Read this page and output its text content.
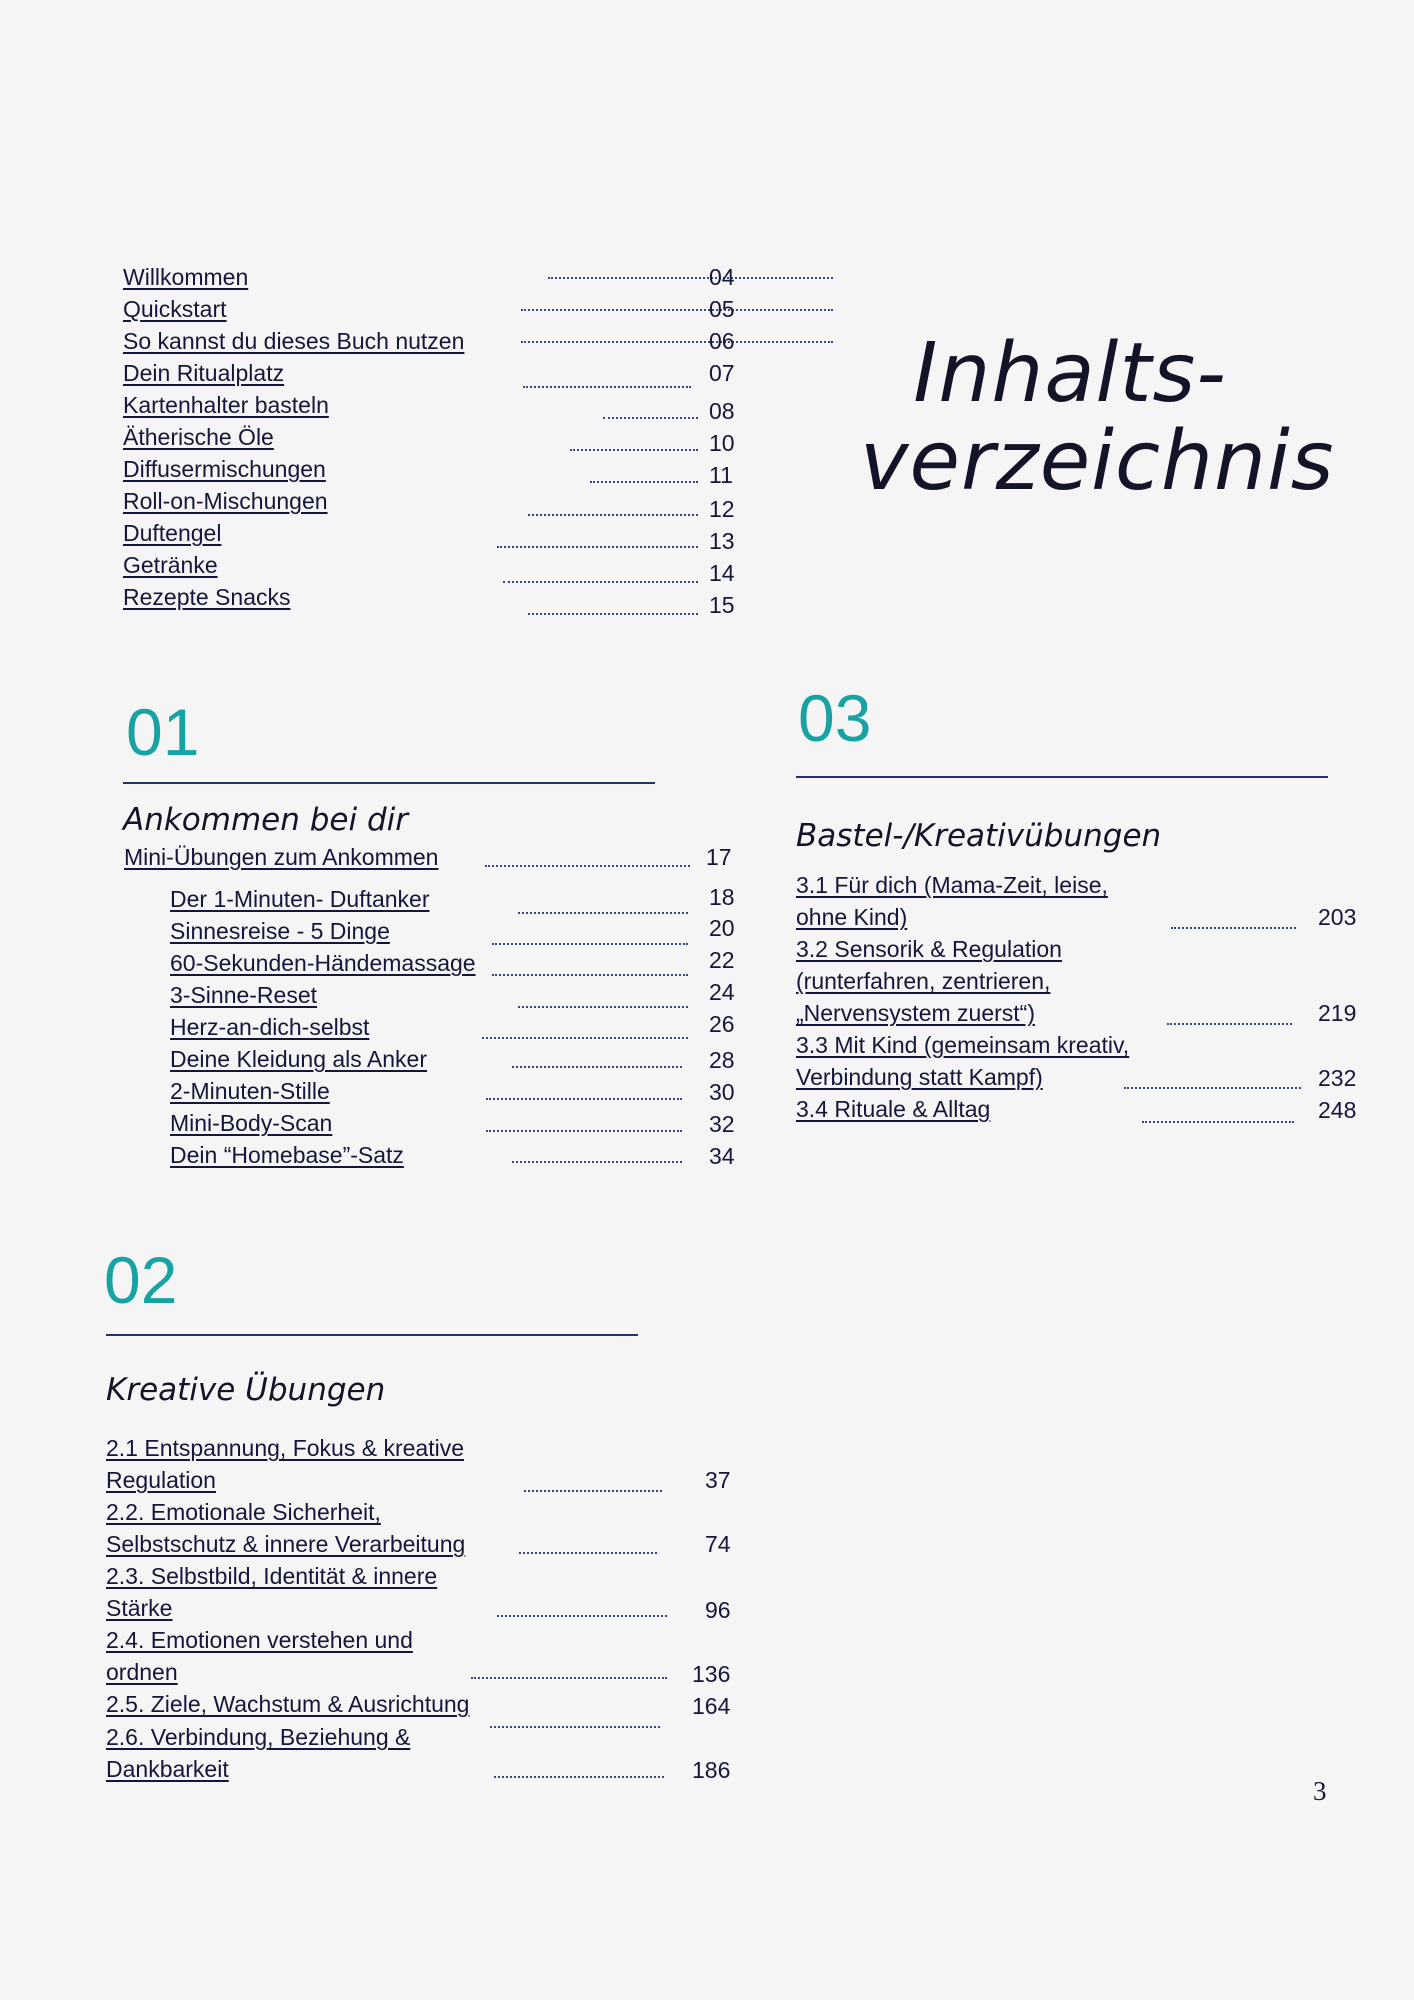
Inhalts-
verzeichnis
Willkommen	04
Quickstart	05
So kannst du dieses Buch nutzen	06
Dein Ritualplatz	07
Kartenhalter basteln	08
Ätherische Öle	10
Diffusermischungen	11
Roll-on-Mischungen	12
Duftengel	13
Getränke	14
Rezepte Snacks	15
01
Ankommen bei dir
Mini-Übungen zum Ankommen	17
Der 1-Minuten- Duftanker	18
Sinnesreise - 5 Dinge	20
60-Sekunden-Händemassage	22
3-Sinne-Reset	24
Herz-an-dich-selbst	26
Deine Kleidung als Anker	28
2-Minuten-Stille	30
Mini-Body-Scan	32
Dein “Homebase”-Satz	34
02
Kreative Übungen
2.1 Entspannung, Fokus & kreative
Regulation	37
2.2. Emotionale Sicherheit,
Selbstschutz & innere Verarbeitung	74
2.3. Selbstbild, Identität & innere
Stärke	96
2.4. Emotionen verstehen und
ordnen	136
2.5. Ziele, Wachstum & Ausrichtung	164
2.6. Verbindung, Beziehung &
Dankbarkeit	186
03
Bastel-/Kreativübungen
3.1 Für dich (Mama-Zeit, leise,
ohne Kind)	203
3.2 Sensorik & Regulation
(runterfahren, zentrieren,
„Nervensystem zuerst“)	219
3.3 Mit Kind (gemeinsam kreativ,
Verbindung statt Kampf)	232
3.4 Rituale & Alltag	248
3
